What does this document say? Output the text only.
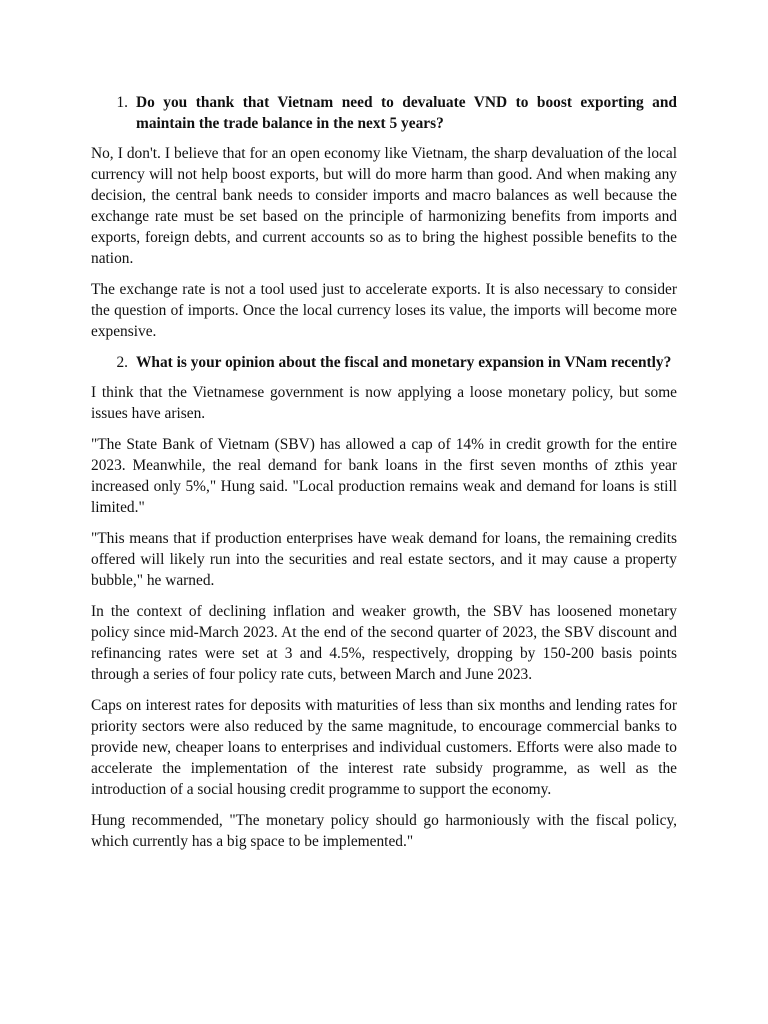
1. Do you thank that Vietnam need to devaluate VND to boost exporting and maintain the trade balance in the next 5 years?

No, I don't. I believe that for an open economy like Vietnam, the sharp devaluation of the local currency will not help boost exports, but will do more harm than good. And when making any decision, the central bank needs to consider imports and macro balances as well because the exchange rate must be set based on the principle of harmonizing benefits from imports and exports, foreign debts, and current accounts so as to bring the highest possible benefits to the nation.

The exchange rate is not a tool used just to accelerate exports. It is also necessary to consider the question of imports. Once the local currency loses its value, the imports will become more expensive.

2. What is your opinion about the fiscal and monetary expansion in VNam recently?

I think that the Vietnamese government is now applying a loose monetary policy, but some issues have arisen.

"The State Bank of Vietnam (SBV) has allowed a cap of 14% in credit growth for the entire 2023. Meanwhile, the real demand for bank loans in the first seven months of zthis year increased only 5%," Hung said. "Local production remains weak and demand for loans is still limited."

"This means that if production enterprises have weak demand for loans, the remaining credits offered will likely run into the securities and real estate sectors, and it may cause a property bubble," he warned.

In the context of declining inflation and weaker growth, the SBV has loosened monetary policy since mid-March 2023. At the end of the second quarter of 2023, the SBV discount and refinancing rates were set at 3 and 4.5%, respectively, dropping by 150-200 basis points through a series of four policy rate cuts, between March and June 2023.

Caps on interest rates for deposits with maturities of less than six months and lending rates for priority sectors were also reduced by the same magnitude, to encourage commercial banks to provide new, cheaper loans to enterprises and individual customers. Efforts were also made to accelerate the implementation of the interest rate subsidy programme, as well as the introduction of a social housing credit programme to support the economy.

Hung recommended, "The monetary policy should go harmoniously with the fiscal policy, which currently has a big space to be implemented."
